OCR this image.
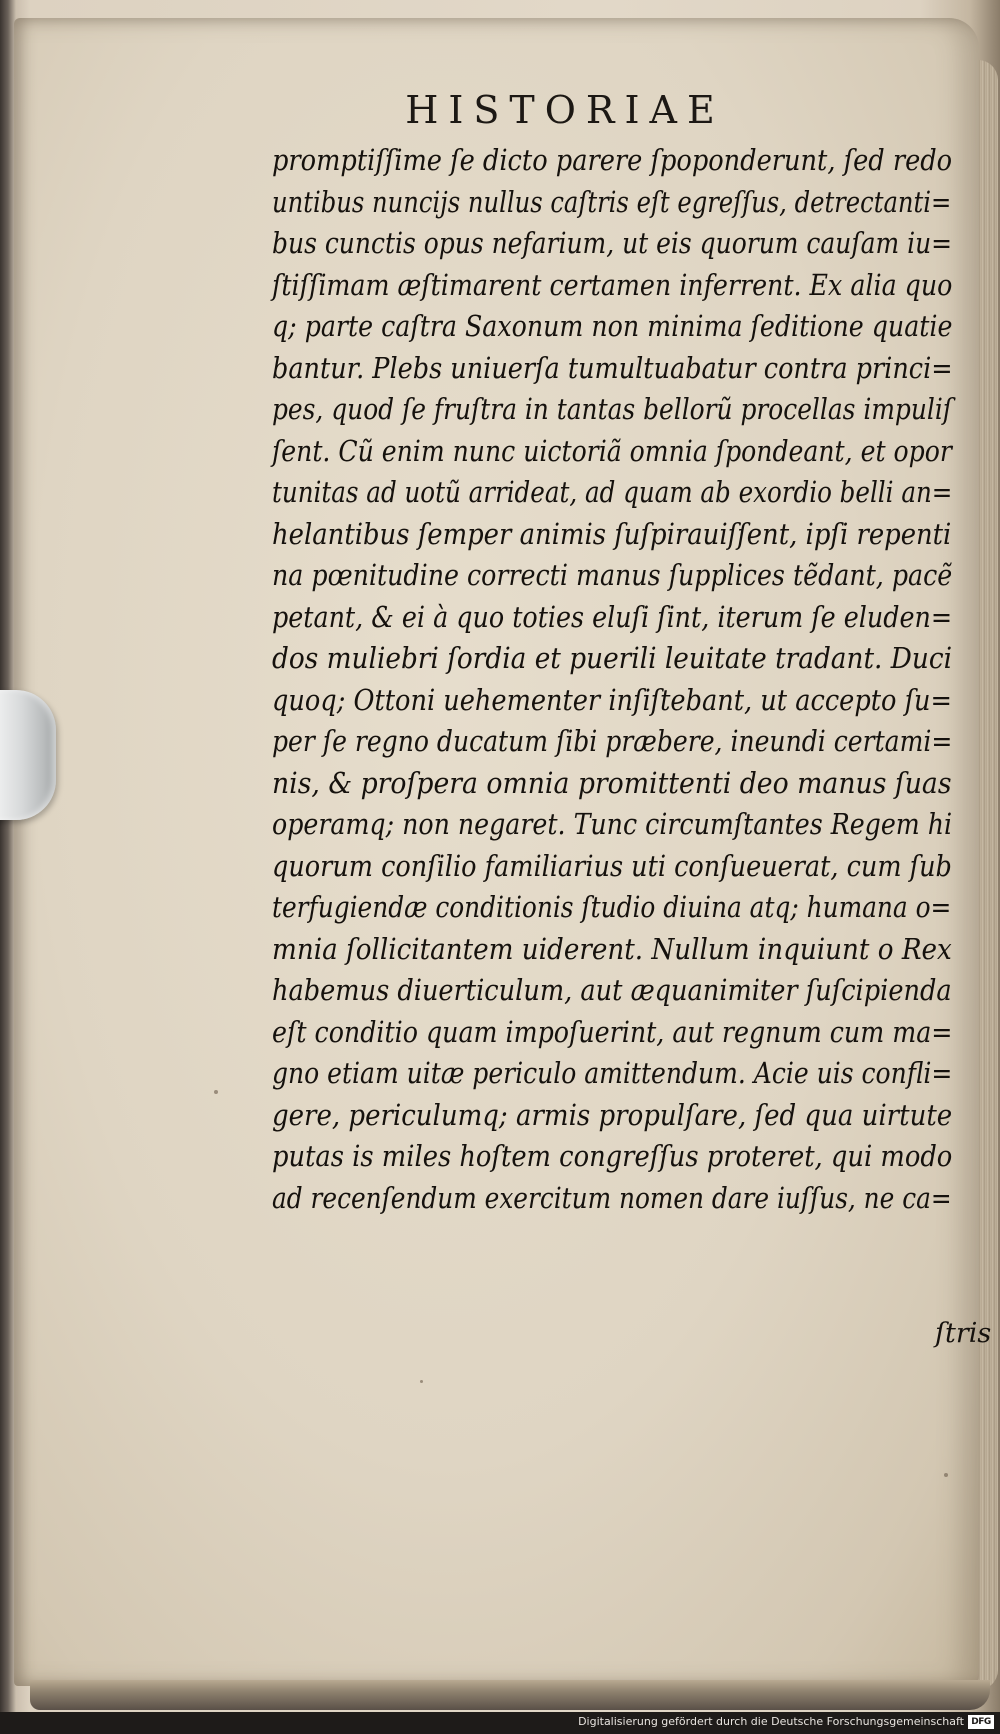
HISTORIAE
promptiſſime ſe dicto parere ſpoponderunt, ſed redo
untibus nuncijs nullus caſtris eſt egreſſus, detrectanti=
bus cunctis opus nefarium, ut eis quorum cauſam iu=
ſtiſſimam æſtimarent certamen inferrent. Ex alia quo
q; parte caſtra Saxonum non minima ſeditione quatie
bantur. Plebs uniuerſa tumultuabatur contra princi=
pes, quod ſe fruſtra in tantas bellorũ procellas impuliſ
ſent. Cũ enim nunc uictoriã omnia ſpondeant, et opor
tunitas ad uotũ arrideat, ad quam ab exordio belli an=
helantibus ſemper animis ſuſpirauiſſent, ipſi repenti
na pœnitudine correcti manus ſupplices tẽdant, pacẽ
petant, & ei à quo toties eluſi ſint, iterum ſe eluden=
dos muliebri ſordia et puerili leuitate tradant. Duci
quoq; Ottoni uehementer inſiſtebant, ut accepto ſu=
per ſe regno ducatum ſibi præbere, ineundi certami=
nis, & proſpera omnia promittenti deo manus ſuas
operamq; non negaret. Tunc circumſtantes Regem hi
quorum conſilio familiarius uti conſueuerat, cum ſub
terfugiendæ conditionis ſtudio diuina atq; humana o=
mnia ſollicitantem uiderent. Nullum inquiunt o Rex
habemus diuerticulum, aut æquanimiter ſuſcipienda
eſt conditio quam impoſuerint, aut regnum cum ma=
gno etiam uitæ periculo amittendum. Acie uis confli=
gere, periculumq; armis propulſare, ſed qua uirtute
putas is miles hoſtem congreſſus proteret, qui modo
ad recenſendum exercitum nomen dare iuſſus, ne ca=
ſtris
Digitalisierung gefördert durch die Deutsche Forschungsgemeinschaft DFG
